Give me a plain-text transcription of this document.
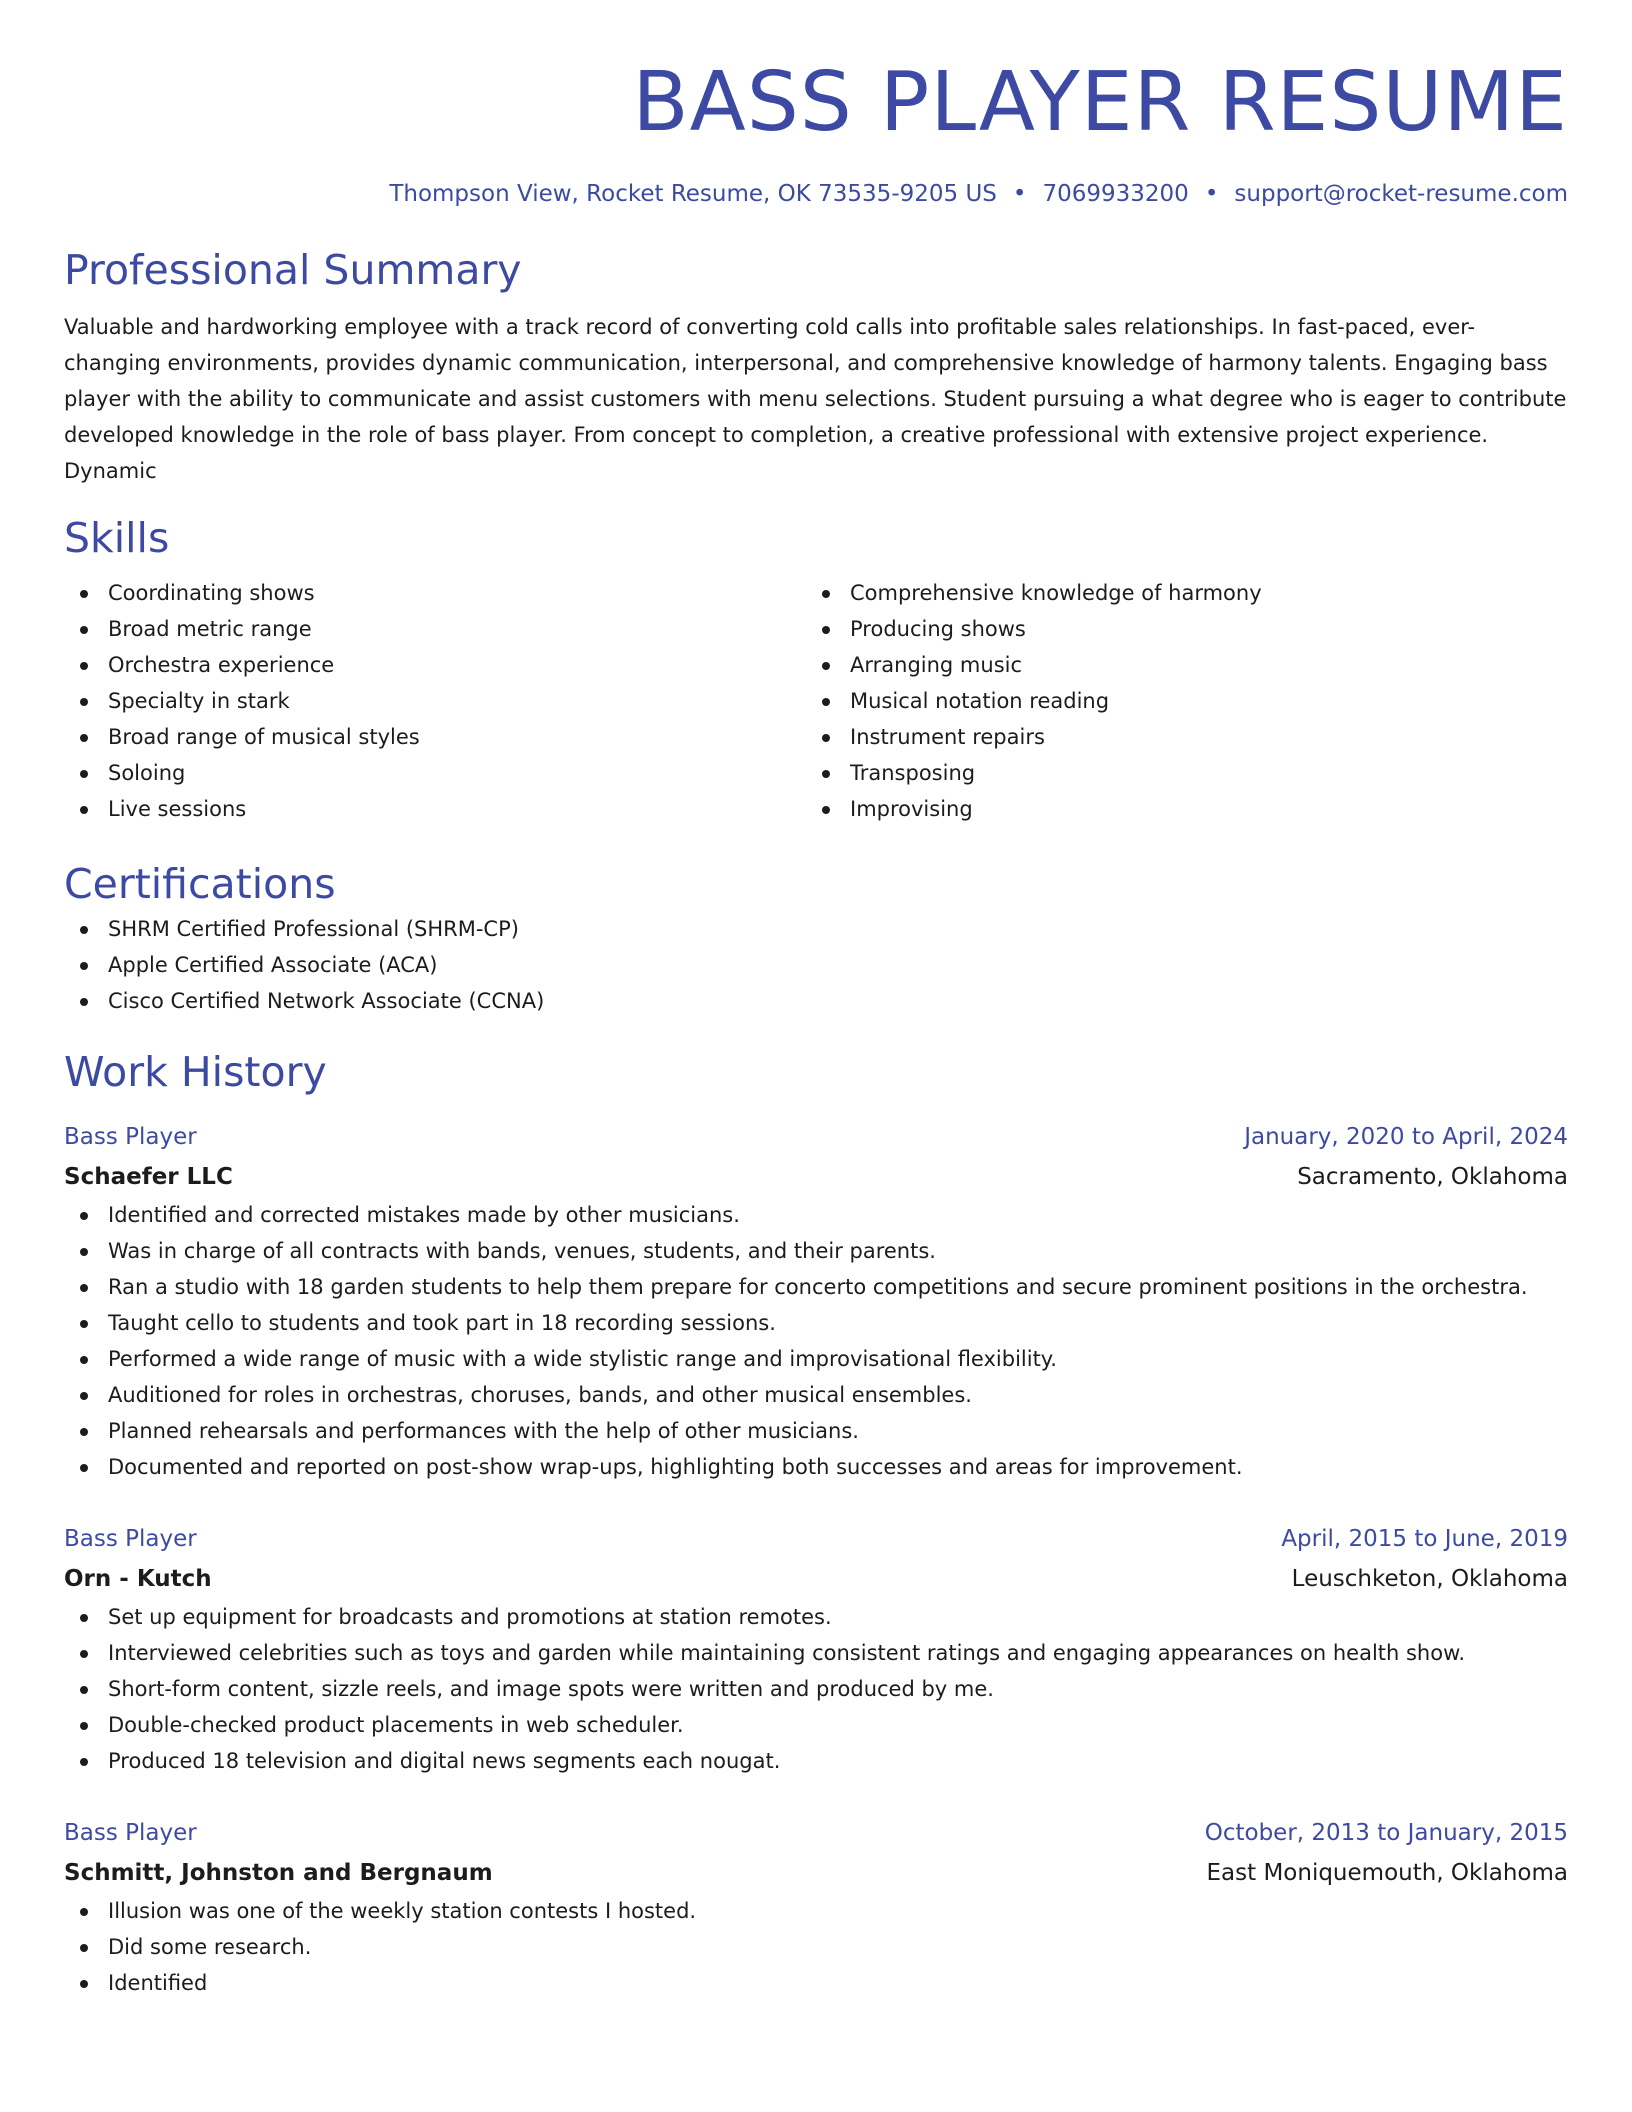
BASS PLAYER RESUME
Thompson View, Rocket Resume, OK 73535-9205 US • 7069933200 • support@rocket-resume.com
Professional Summary
Valuable and hardworking employee with a track record of converting cold calls into profitable sales relationships. In fast-paced, ever-changing environments, provides dynamic communication, interpersonal, and comprehensive knowledge of harmony talents. Engaging bass player with the ability to communicate and assist customers with menu selections. Student pursuing a what degree who is eager to contribute developed knowledge in the role of bass player. From concept to completion, a creative professional with extensive project experience. Dynamic
Skills
Coordinating shows
Broad metric range
Orchestra experience
Specialty in stark
Broad range of musical styles
Soloing
Live sessions
Comprehensive knowledge of harmony
Producing shows
Arranging music
Musical notation reading
Instrument repairs
Transposing
Improvising
Certifications
SHRM Certified Professional (SHRM-CP)
Apple Certified Associate (ACA)
Cisco Certified Network Associate (CCNA)
Work History
Bass Player	January, 2020 to April, 2024
Schaefer LLC	Sacramento, Oklahoma
Identified and corrected mistakes made by other musicians.
Was in charge of all contracts with bands, venues, students, and their parents.
Ran a studio with 18 garden students to help them prepare for concerto competitions and secure prominent positions in the orchestra.
Taught cello to students and took part in 18 recording sessions.
Performed a wide range of music with a wide stylistic range and improvisational flexibility.
Auditioned for roles in orchestras, choruses, bands, and other musical ensembles.
Planned rehearsals and performances with the help of other musicians.
Documented and reported on post-show wrap-ups, highlighting both successes and areas for improvement.
Bass Player	April, 2015 to June, 2019
Orn - Kutch	Leuschketon, Oklahoma
Set up equipment for broadcasts and promotions at station remotes.
Interviewed celebrities such as toys and garden while maintaining consistent ratings and engaging appearances on health show.
Short-form content, sizzle reels, and image spots were written and produced by me.
Double-checked product placements in web scheduler.
Produced 18 television and digital news segments each nougat.
Bass Player	October, 2013 to January, 2015
Schmitt, Johnston and Bergnaum	East Moniquemouth, Oklahoma
Illusion was one of the weekly station contests I hosted.
Did some research.
Identified
